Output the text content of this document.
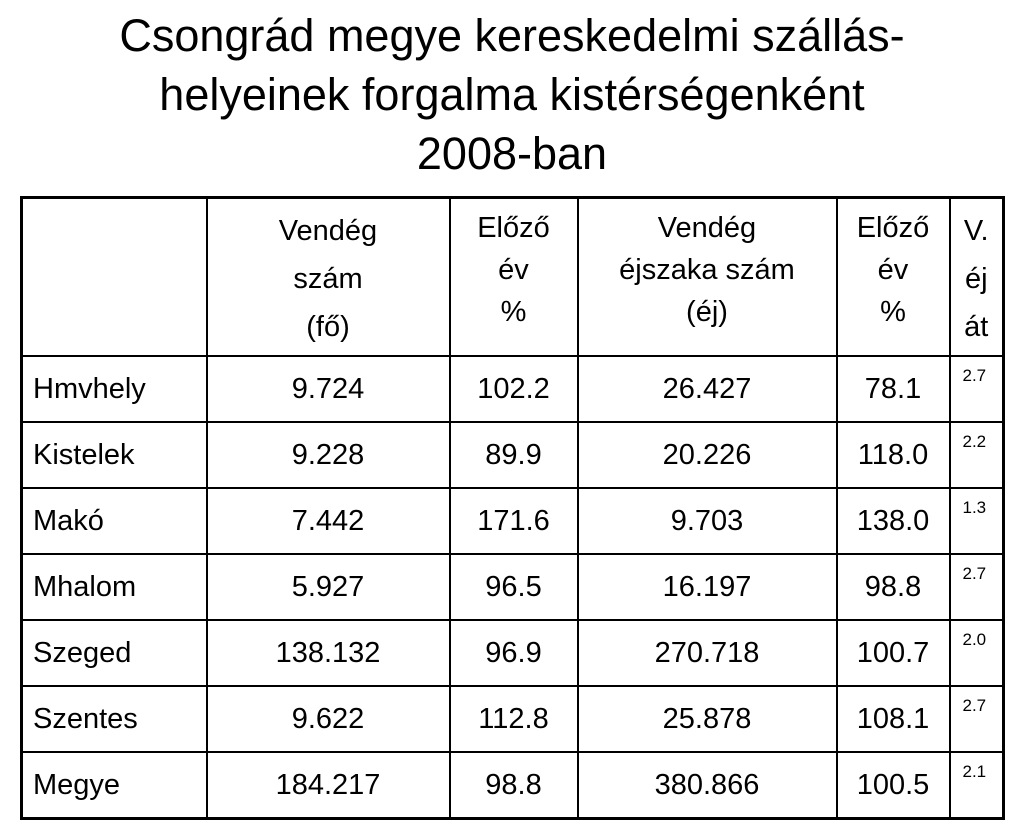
Csongrád megye kereskedelmi szállás-
helyeinek forgalma kistérségenként
2008-ban

	Vendég
szám
(fő)	Előző
év
%	Vendég
éjszaka szám
(éj)	Előző
év
%	V.
éj
át

Hmvhely	9.724	102.2	26.427	78.1	2.7
Kistelek	9.228	89.9	20.226	118.0	2.2
Makó	7.442	171.6	9.703	138.0	1.3
Mhalom	5.927	96.5	16.197	98.8	2.7
Szeged	138.132	96.9	270.718	100.7	2.0
Szentes	9.622	112.8	25.878	108.1	2.7
Megye	184.217	98.8	380.866	100.5	2.1
